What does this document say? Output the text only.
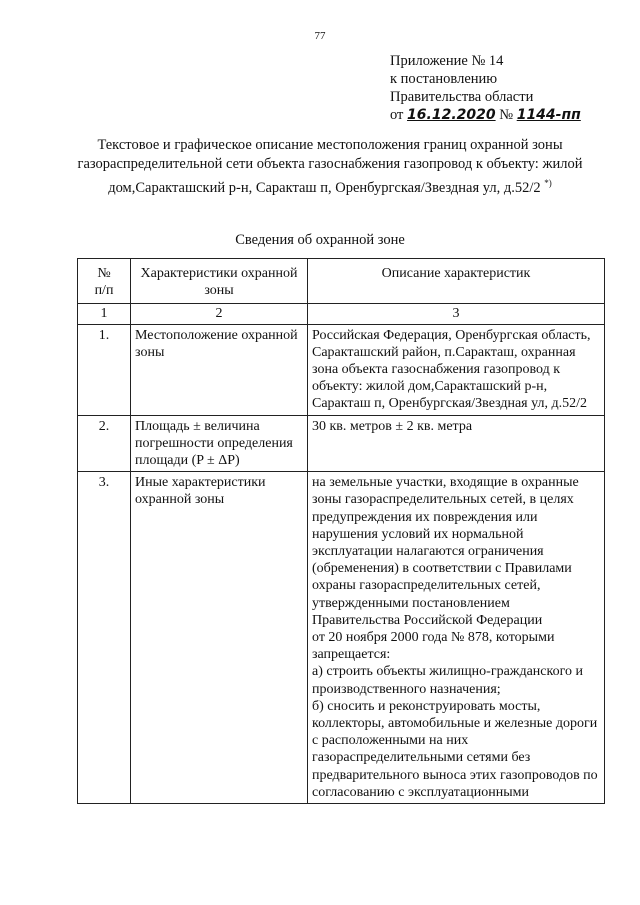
77
Приложение № 14
к постановлению
Правительства области
от 16.12.2020 № 1144-пп
Текстовое и графическое описание местоположения границ охранной зоны газораспределительной сети объекта газоснабжения газопровод к объекту: жилой дом,Саракташский р-н, Саракташ п, Оренбургская/Звездная ул, д.52/2 *)
Сведения об охранной зоне
№
п/п	Характеристики охранной зоны	Описание характеристик
1	2	3
1.	Местоположение охранной зоны	Российская Федерация, Оренбургская область, Саракташский район, п.Саракташ, охранная зона объекта газоснабжения газопровод к объекту: жилой дом,Саракташский р-н, Саракташ п, Оренбургская/Звездная ул, д.52/2
2.	Площадь ± величина погрешности определения площади (P ± ΔP)	30 кв. метров ± 2 кв. метра
3.	Иные характеристики охранной зоны	на земельные участки, входящие в охранные зоны газораспределительных сетей, в целях предупреждения их повреждения или нарушения условий их нормальной эксплуатации налагаются ограничения (обременения) в соответствии с Правилами охраны газораспределительных сетей, утвержденными постановлением Правительства Российской Федерации
от 20 ноября 2000 года № 878, которыми запрещается:
а) строить объекты жилищно-гражданского и производственного назначения;
б) сносить и реконструировать мосты, коллекторы, автомобильные и железные дороги с расположенными на них газораспределительными сетями без предварительного выноса этих газопроводов по согласованию с эксплуатационными
